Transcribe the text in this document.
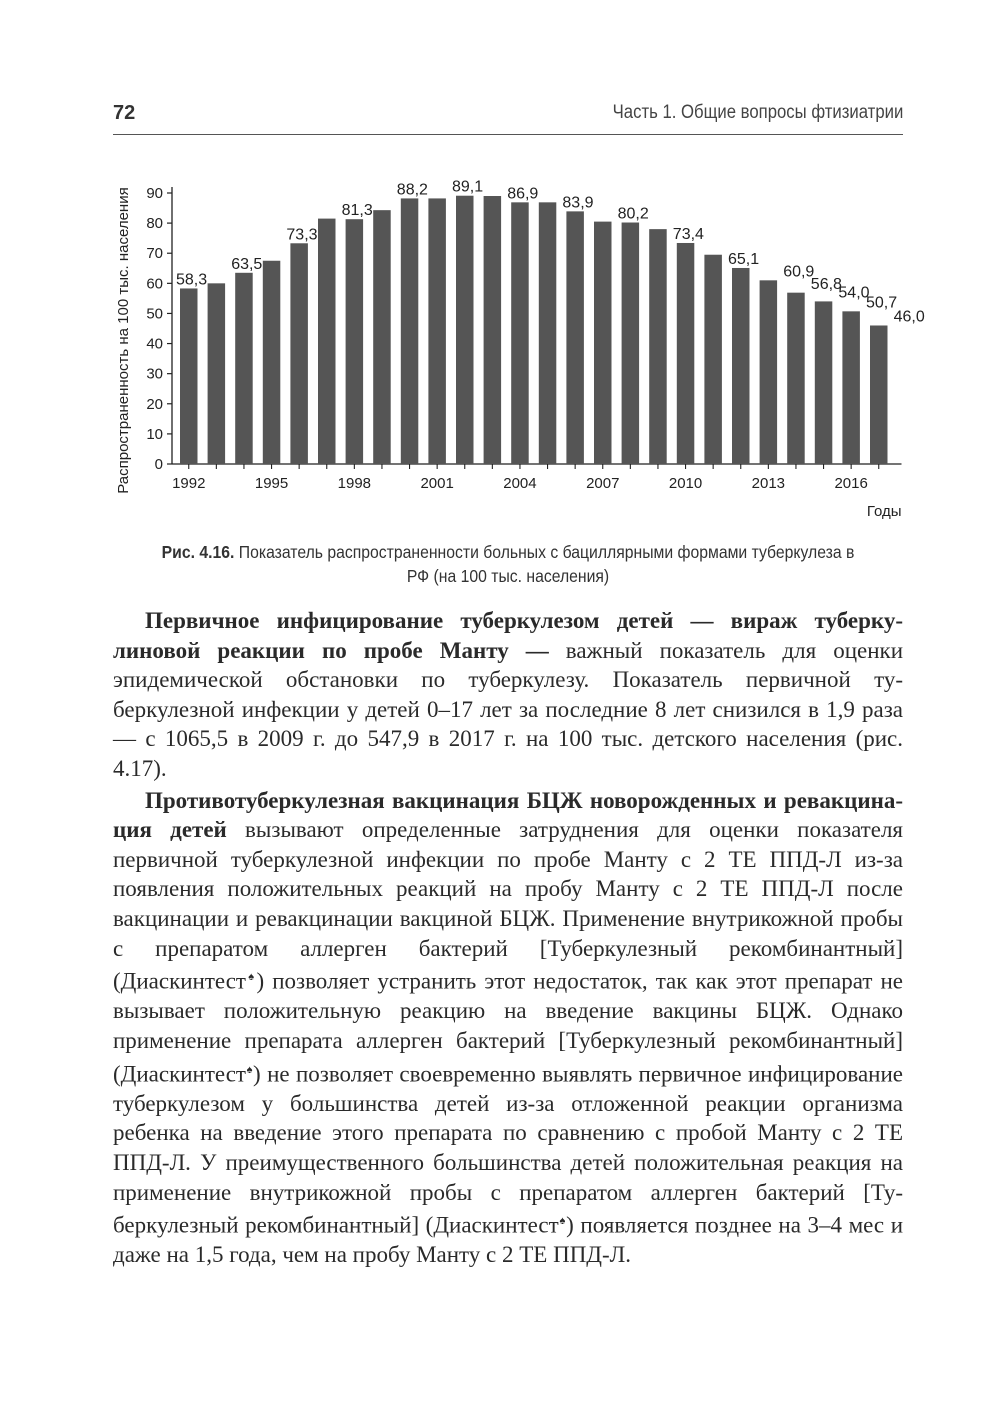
72	Часть 1. Общие вопросы фтизиатрии
0
10
20
30
40
50
60
70
80
90
1992	1995	1998	2001	2004	2007	2010	2013	2016
58,3
63,5
73,3
81,3
88,2 89,1 86,9
83,9
80,2
73,4
65,1
60,9
56,8
54,0
50,7
46,0
Распространенность на 100 тыс. населения
Годы
Рис. 4.16. Показатель распространенности больных с бациллярными формами туберкулеза в РФ (на 100 тыс. населения)

Первичное инфицирование туберкулезом детей — вираж туберкулиновой реакции по пробе Манту — важный показатель для оценки эпидемической обстановки по туберкулезу. Показатель первичной туберкулезной инфекции у детей 0–17 лет за последние 8 лет снизился в 1,9 раза — с 1065,5 в 2009 г. до 547,9 в 2017 г. на 100 тыс. детского населения (рис. 4.17).

Противотуберкулезная вакцинация БЦЖ новорожденных и ревакцинация детей вызывают определенные затруднения для оценки показателя первичной туберкулезной инфекции по пробе Манту с 2 ТЕ ППД-Л из-за появления положительных реакций на пробу Манту с 2 ТЕ ППД-Л после вакцинации и ревакцинации вакциной БЦЖ. Применение внутрикожной пробы с препаратом аллерген бактерий [Туберкулезный рекомбинантный] (Диаскинтест♠) позволяет устранить этот недостаток, так как этот препарат не вызывает положительную реакцию на введение вакцины БЦЖ. Однако применение препарата аллерген бактерий [Туберкулезный рекомбинантный] (Диаскинтест♠) не позволяет своевременно выявлять первичное инфицирование туберкулезом у большинства детей из-за отложенной реакции организма ребенка на введение этого препарата по сравнению с пробой Манту с 2 ТЕ ППД-Л. У преимущественного большинства детей положительная реакция на применение внутрикожной пробы с препаратом аллерген бактерий [Туберкулезный рекомбинантный] (Диаскинтест♠) появляется позднее на 3–4 мес и даже на 1,5 года, чем на пробу Манту с 2 ТЕ ППД-Л.
